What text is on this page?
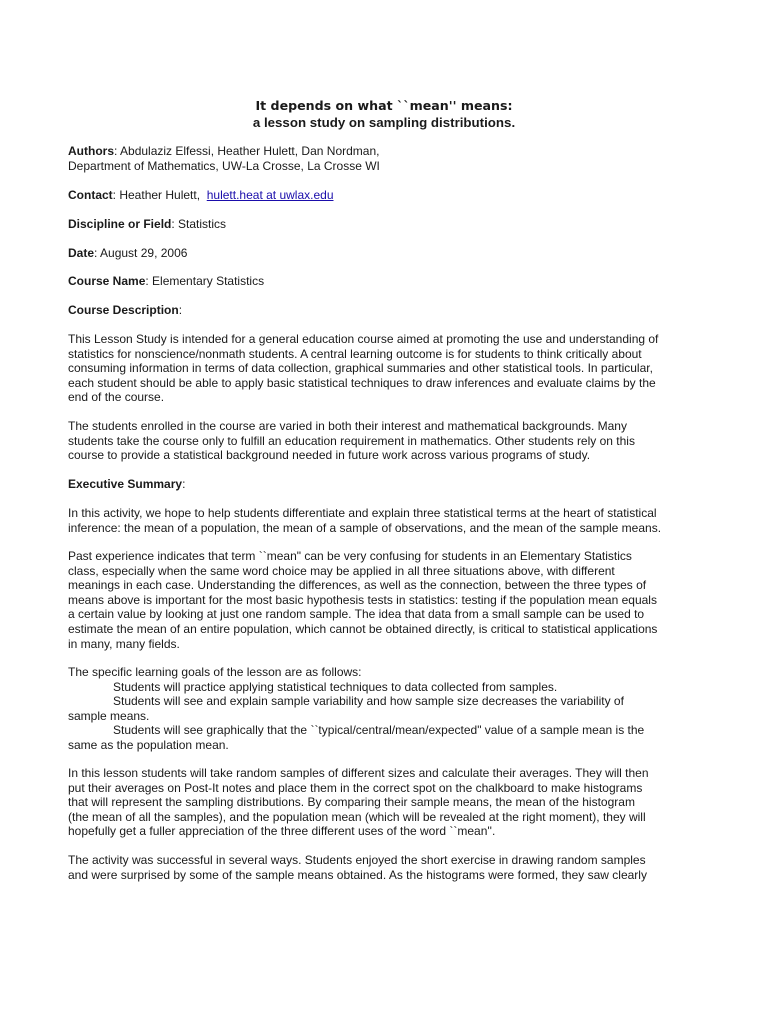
It depends on what ``mean'' means:
a lesson study on sampling distributions.
Authors: Abdulaziz Elfessi, Heather Hulett, Dan Nordman,
Department of Mathematics, UW-La Crosse, La Crosse WI
Contact: Heather Hulett, hulett.heat at uwlax.edu
Discipline or Field: Statistics
Date: August 29, 2006
Course Name: Elementary Statistics
Course Description:
This Lesson Study is intended for a general education course aimed at promoting the use and understanding of
statistics for nonscience/nonmath students. A central learning outcome is for students to think critically about
consuming information in terms of data collection, graphical summaries and other statistical tools. In particular,
each student should be able to apply basic statistical techniques to draw inferences and evaluate claims by the
end of the course.
The students enrolled in the course are varied in both their interest and mathematical backgrounds. Many
students take the course only to fulfill an education requirement in mathematics. Other students rely on this
course to provide a statistical background needed in future work across various programs of study.
Executive Summary:
In this activity, we hope to help students differentiate and explain three statistical terms at the heart of statistical
inference: the mean of a population, the mean of a sample of observations, and the mean of the sample means.
Past experience indicates that term ``mean" can be very confusing for students in an Elementary Statistics
class, especially when the same word choice may be applied in all three situations above, with different
meanings in each case. Understanding the differences, as well as the connection, between the three types of
means above is important for the most basic hypothesis tests in statistics: testing if the population mean equals
a certain value by looking at just one random sample. The idea that data from a small sample can be used to
estimate the mean of an entire population, which cannot be obtained directly, is critical to statistical applications
in many, many fields.
The specific learning goals of the lesson are as follows:
Students will practice applying statistical techniques to data collected from samples.
Students will see and explain sample variability and how sample size decreases the variability of
sample means.
Students will see graphically that the ``typical/central/mean/expected" value of a sample mean is the
same as the population mean.
In this lesson students will take random samples of different sizes and calculate their averages. They will then
put their averages on Post-It notes and place them in the correct spot on the chalkboard to make histograms
that will represent the sampling distributions. By comparing their sample means, the mean of the histogram
(the mean of all the samples), and the population mean (which will be revealed at the right moment), they will
hopefully get a fuller appreciation of the three different uses of the word ``mean''.
The activity was successful in several ways. Students enjoyed the short exercise in drawing random samples
and were surprised by some of the sample means obtained. As the histograms were formed, they saw clearly
